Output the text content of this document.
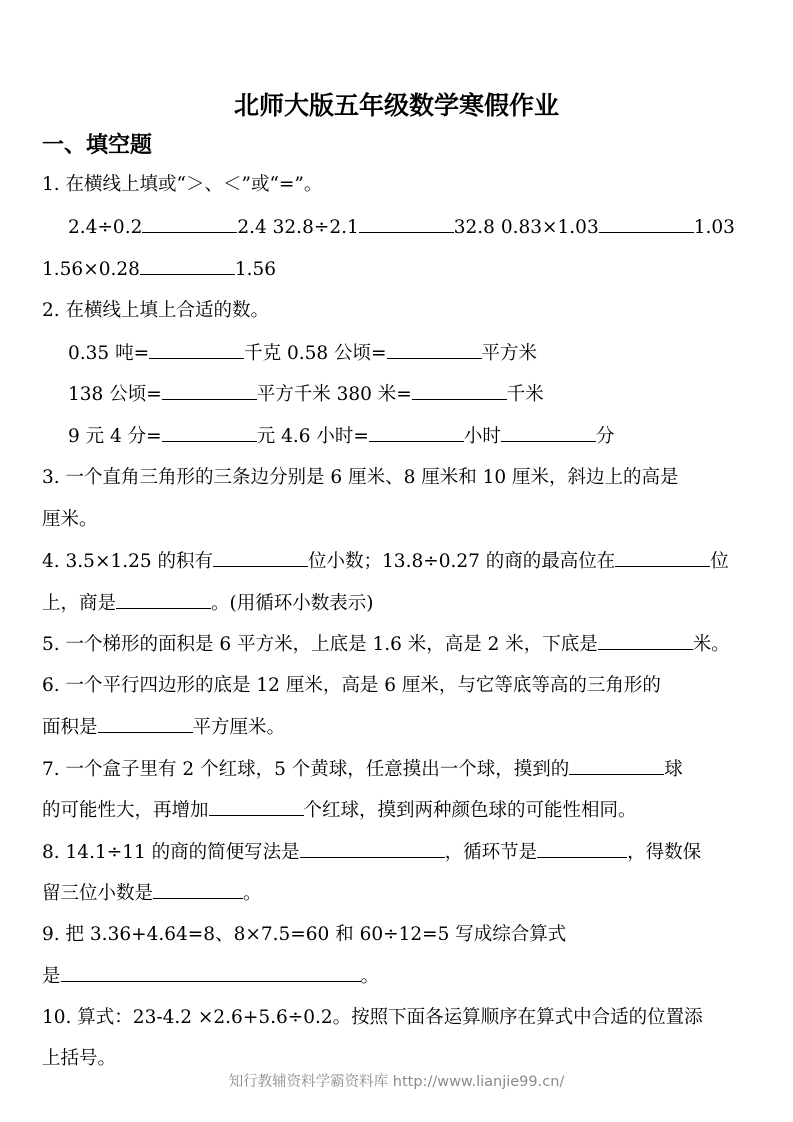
北师大版五年级数学寒假作业
一、填空题
1. 在横线上填或“＞、＜”或“=”。
2.4÷0.2	2.4 32.8÷2.1	32.8 0.83×1.03	1.03
1.56×0.28	1.56
2. 在横线上填上合适的数。
0.35 吨=	千克 0.58 公顷=	平方米
138 公顷=	平方千米 380 米=	千米
9 元 4 分=	元 4.6 小时=	小时	分
3. 一个直角三角形的三条边分别是 6 厘米、8 厘米和 10 厘米，斜边上的高是
厘米。
4. 3.5×1.25 的积有	位小数；13.8÷0.27 的商的最高位在	位
上，商是	。(用循环小数表示)
5. 一个梯形的面积是 6 平方米，上底是 1.6 米，高是 2 米，下底是	米。
6. 一个平行四边形的底是 12 厘米，高是 6 厘米，与它等底等高的三角形的
面积是	平方厘米。
7. 一个盒子里有 2 个红球，5 个黄球，任意摸出一个球，摸到的	球
的可能性大，再增加	个红球，摸到两种颜色球的可能性相同。
8. 14.1÷11 的商的简便写法是	，循环节是	，得数保
留三位小数是	。
9. 把 3.36+4.64=8、8×7.5=60 和 60÷12=5 写成综合算式
是	。
10. 算式：23-4.2 ×2.6+5.6÷0.2。按照下面各运算顺序在算式中合适的位置添
上括号。
知行教辅资料学霸资料库 http://www.lianjie99.cn/
